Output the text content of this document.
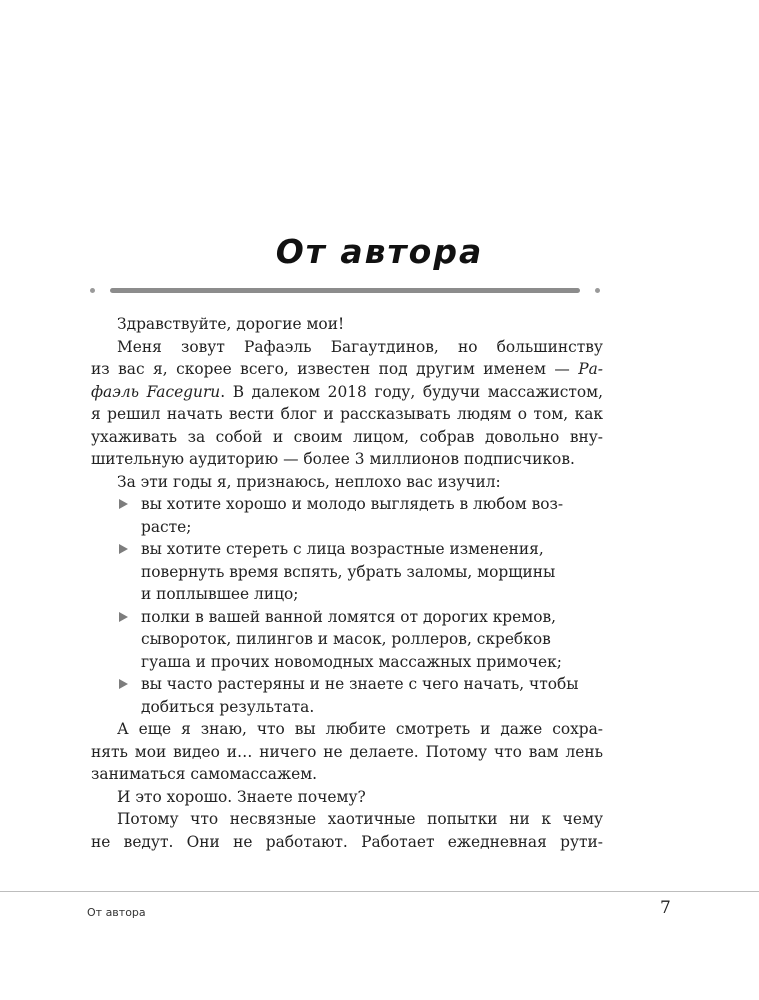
От автора

Здравствуйте, дорогие мои!

Меня зовут Рафаэль Багаутдинов, но большинству
из вас я, скорее всего, известен под другим именем — Ра-
фаэль Faceguru. В далеком 2018 году, будучи массажистом,
я решил начать вести блог и рассказывать людям о том, как
ухаживать за собой и своим лицом, собрав довольно вну-
шительную аудиторию — более 3 миллионов подписчиков.

За эти годы я, признаюсь, неплохо вас изучил:

вы хотите хорошо и молодо выглядеть в любом воз-
расте;
вы хотите стереть с лица возрастные изменения,
повернуть время вспять, убрать заломы, морщины
и поплывшее лицо;
полки в вашей ванной ломятся от дорогих кремов,
сывороток, пилингов и масок, роллеров, скребков
гуаша и прочих новомодных массажных примочек;
вы часто растеряны и не знаете с чего начать, чтобы
добиться результата.

А еще я знаю, что вы любите смотреть и даже сохра-
нять мои видео и… ничего не делаете. Потому что вам лень
заниматься самомассажем.

И это хорошо. Знаете почему?

Потому что несвязные хаотичные попытки ни к чему
не ведут. Они не работают. Работает ежедневная рути-

От автора	7
